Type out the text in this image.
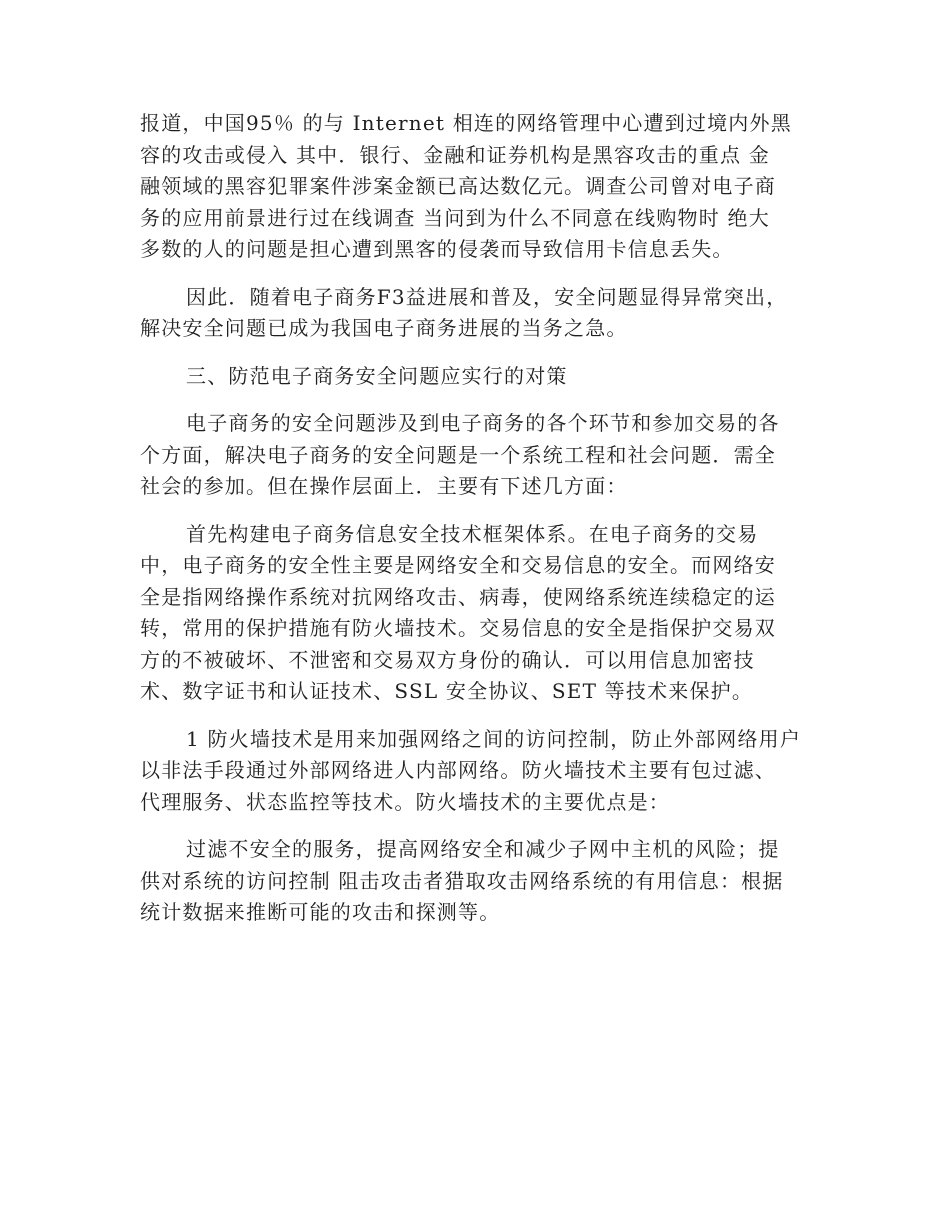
报道，中国95％ 的与 Internet 相连的网络管理中心遭到过境内外黑
容的攻击或侵入 其中．银行、金融和证券机构是黑容攻击的重点 金
融领域的黑容犯罪案件涉案金额已高达数亿元。调查公司曾对电子商
务的应用前景进行过在线调查 当问到为什么不同意在线购物时 绝大
多数的人的问题是担心遭到黑客的侵袭而导致信用卡信息丢失。

因此．随着电子商务F3益进展和普及，安全问题显得异常突出，
解决安全问题已成为我国电子商务进展的当务之急。

三、防范电子商务安全问题应实行的对策

电子商务的安全问题涉及到电子商务的各个环节和参加交易的各
个方面，解决电子商务的安全问题是一个系统工程和社会问题．需全
社会的参加。但在操作层面上．主要有下述几方面：

首先构建电子商务信息安全技术框架体系。在电子商务的交易
中，电子商务的安全性主要是网络安全和交易信息的安全。而网络安
全是指网络操作系统对抗网络攻击、病毒，使网络系统连续稳定的运
转，常用的保护措施有防火墙技术。交易信息的安全是指保护交易双
方的不被破坏、不泄密和交易双方身份的确认．可以用信息加密技
术、数字证书和认证技术、SSL 安全协议、SET 等技术来保护。

1 防火墙技术是用来加强网络之间的访问控制，防止外部网络用户
以非法手段通过外部网络进人内部网络。防火墙技术主要有包过滤、
代理服务、状态监控等技术。防火墙技术的主要优点是：

过滤不安全的服务，提高网络安全和减少子网中主机的风险；提
供对系统的访问控制 阻击攻击者猎取攻击网络系统的有用信息：根据
统计数据来推断可能的攻击和探测等。
